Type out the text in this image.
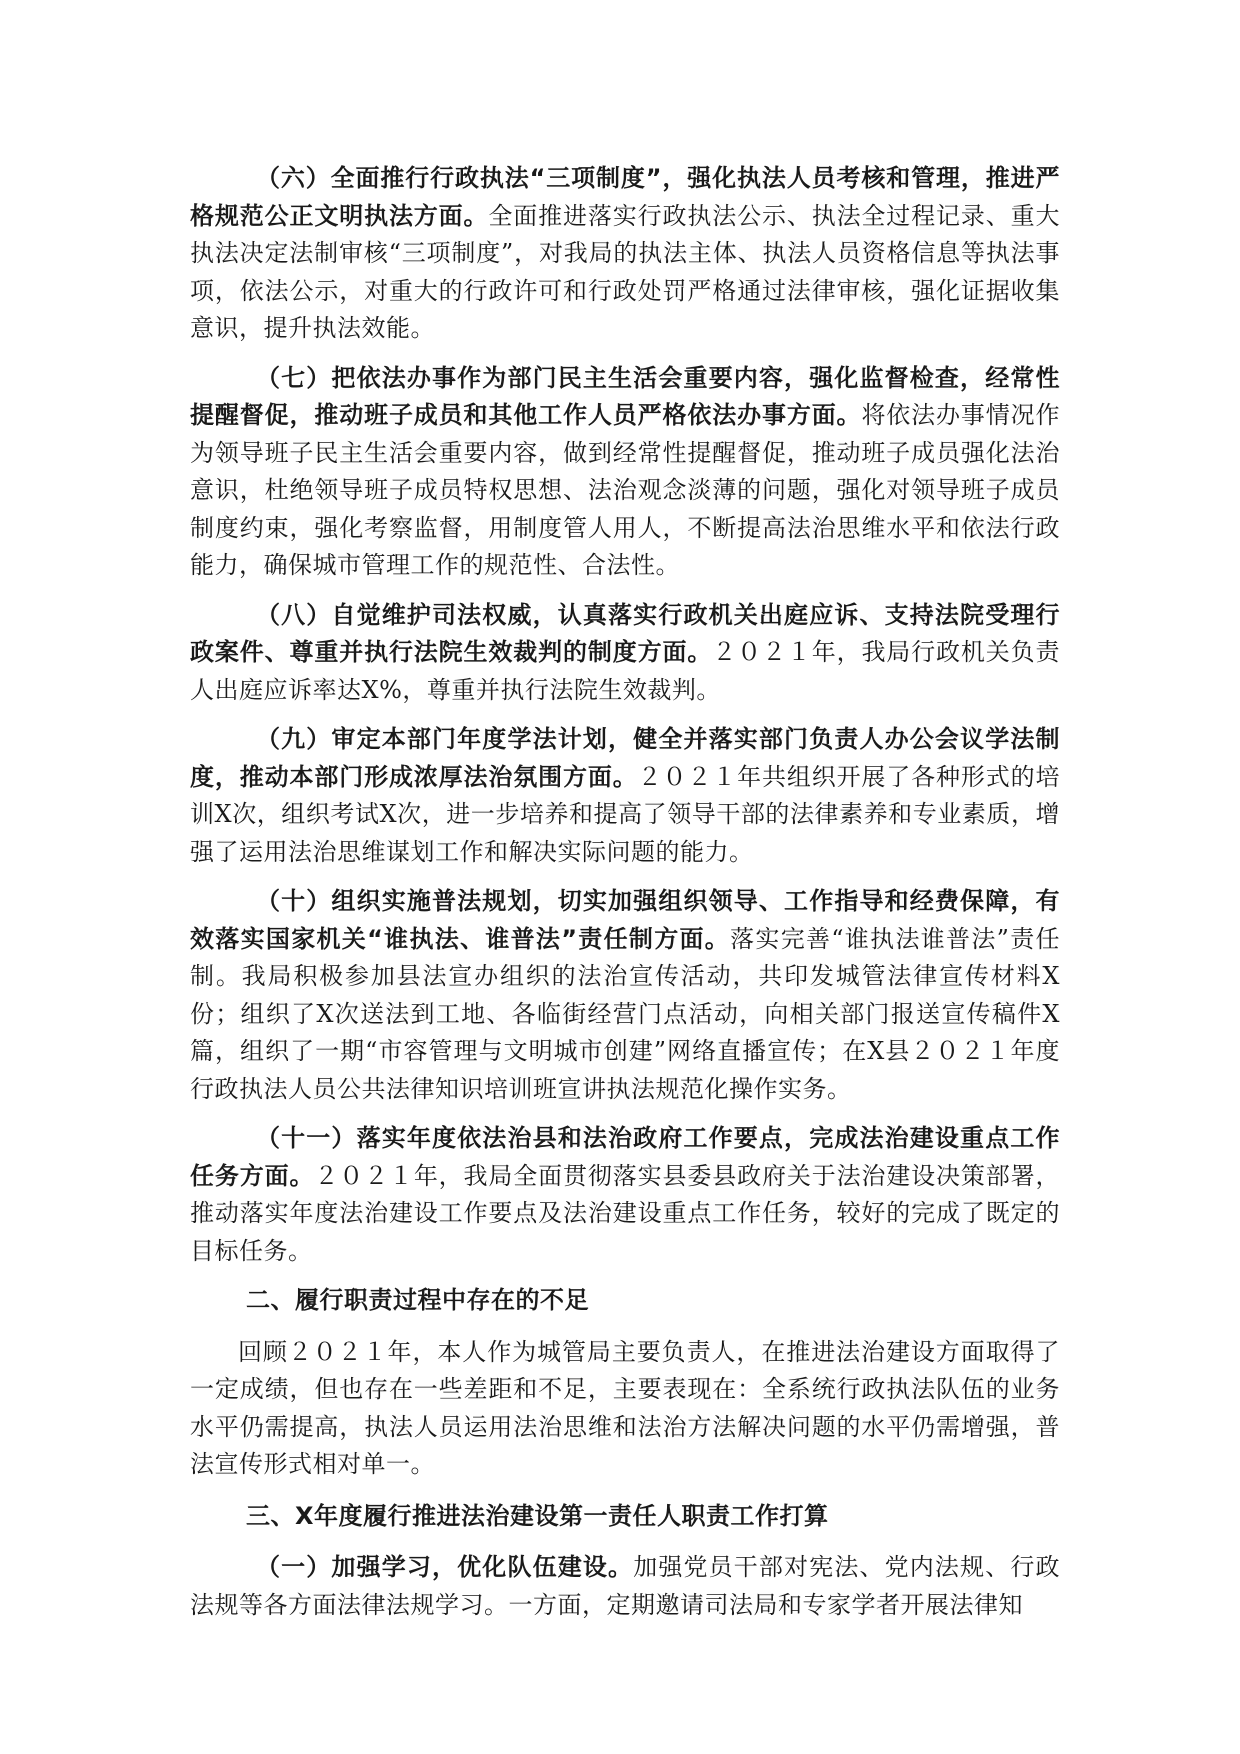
（六）全面推行行政执法“三项制度”，强化执法人员考核和管理，推进严格规范公正文明执法方面。全面推进落实行政执法公示、执法全过程记录、重大执法决定法制审核“三项制度”，对我局的执法主体、执法人员资格信息等执法事项，依法公示，对重大的行政许可和行政处罚严格通过法律审核，强化证据收集意识，提升执法效能。

（七）把依法办事作为部门民主生活会重要内容，强化监督检查，经常性提醒督促，推动班子成员和其他工作人员严格依法办事方面。将依法办事情况作为领导班子民主生活会重要内容，做到经常性提醒督促，推动班子成员强化法治意识，杜绝领导班子成员特权思想、法治观念淡薄的问题，强化对领导班子成员制度约束，强化考察监督，用制度管人用人，不断提高法治思维水平和依法行政能力，确保城市管理工作的规范性、合法性。

（八）自觉维护司法权威，认真落实行政机关出庭应诉、支持法院受理行政案件、尊重并执行法院生效裁判的制度方面。２０２１年，我局行政机关负责人出庭应诉率达X%，尊重并执行法院生效裁判。

（九）审定本部门年度学法计划，健全并落实部门负责人办公会议学法制度，推动本部门形成浓厚法治氛围方面。２０２１年共组织开展了各种形式的培训X次，组织考试X次，进一步培养和提高了领导干部的法律素养和专业素质，增强了运用法治思维谋划工作和解决实际问题的能力。

（十）组织实施普法规划，切实加强组织领导、工作指导和经费保障，有效落实国家机关“谁执法、谁普法”责任制方面。落实完善“谁执法谁普法”责任制。我局积极参加县法宣办组织的法治宣传活动，共印发城管法律宣传材料X份；组织了X次送法到工地、各临街经营门点活动，向相关部门报送宣传稿件X篇，组织了一期“市容管理与文明城市创建”网络直播宣传；在X县２０２１年度行政执法人员公共法律知识培训班宣讲执法规范化操作实务。

（十一）落实年度依法治县和法治政府工作要点，完成法治建设重点工作任务方面。２０２１年，我局全面贯彻落实县委县政府关于法治建设决策部署，推动落实年度法治建设工作要点及法治建设重点工作任务，较好的完成了既定的目标任务。

二、履行职责过程中存在的不足

回顾２０２１年，本人作为城管局主要负责人，在推进法治建设方面取得了一定成绩，但也存在一些差距和不足，主要表现在：全系统行政执法队伍的业务水平仍需提高，执法人员运用法治思维和法治方法解决问题的水平仍需增强，普法宣传形式相对单一。

三、X年度履行推进法治建设第一责任人职责工作打算

（一）加强学习，优化队伍建设。加强党员干部对宪法、党内法规、行政法规等各方面法律法规学习。一方面，定期邀请司法局和专家学者开展法律知
